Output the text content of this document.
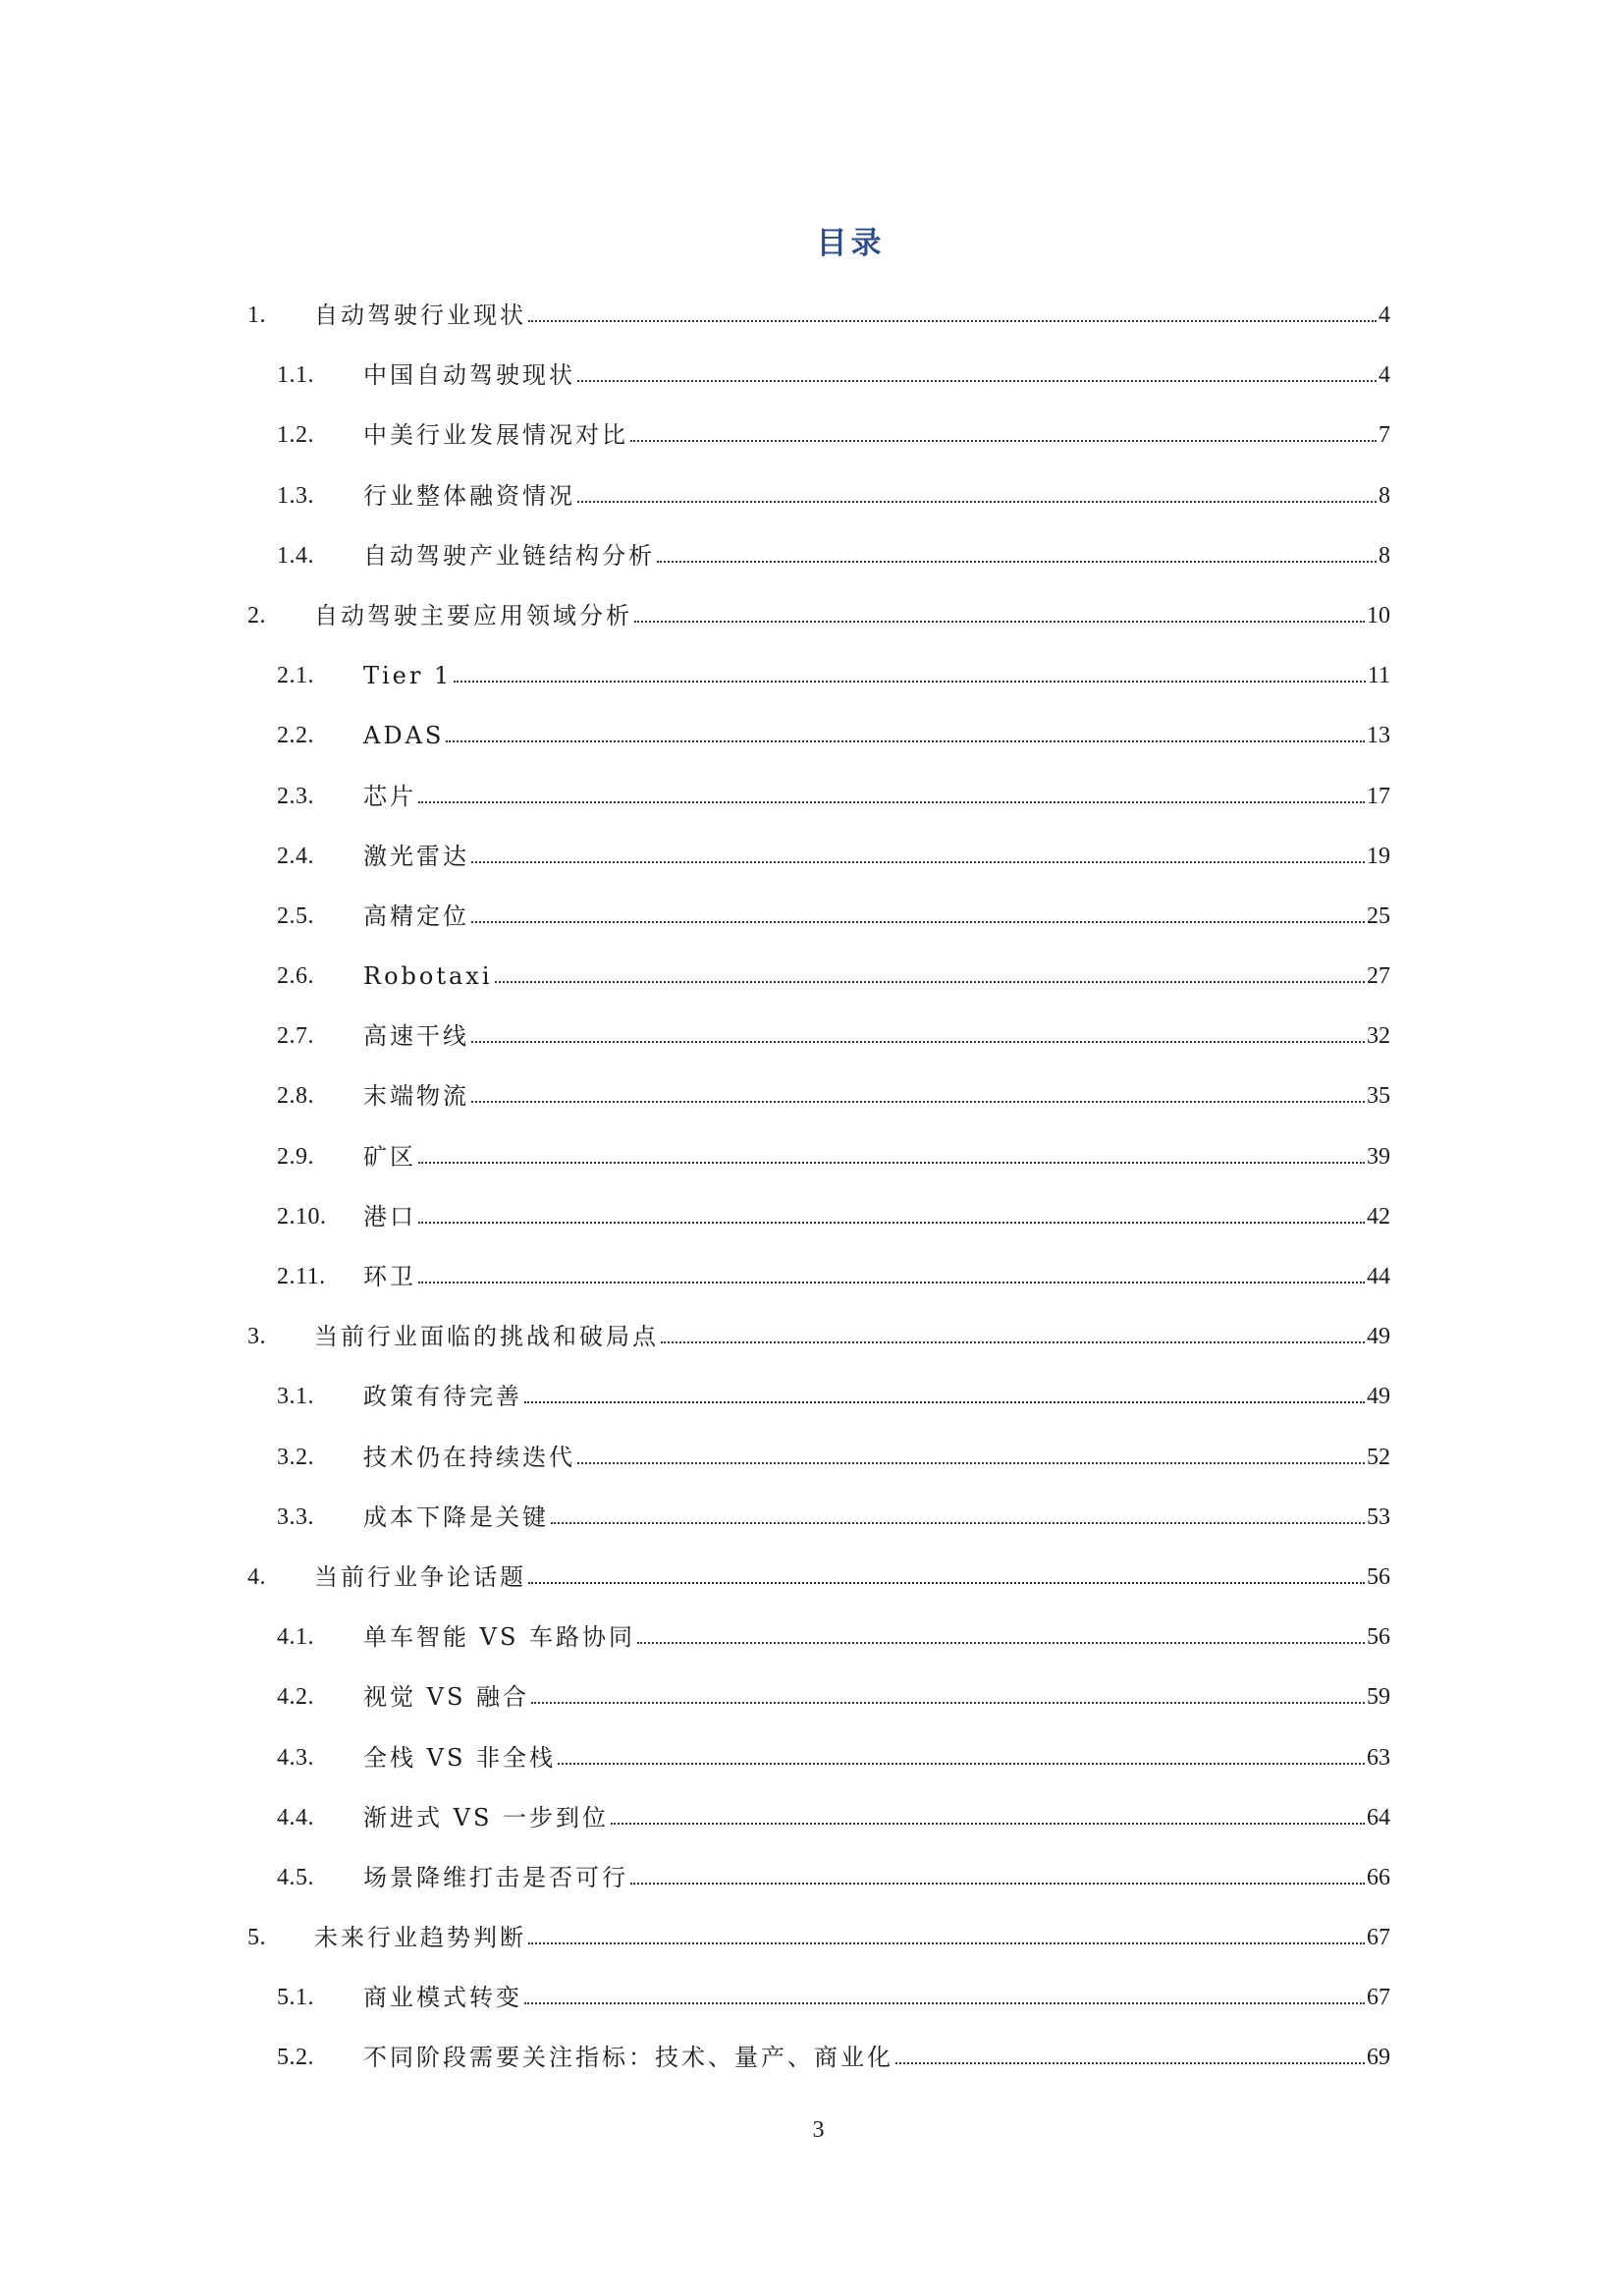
目录
1.	自动驾驶行业现状	4
1.1.	中国自动驾驶现状	4
1.2.	中美行业发展情况对比	7
1.3.	行业整体融资情况	8
1.4.	自动驾驶产业链结构分析	8
2.	自动驾驶主要应用领域分析	10
2.1.	Tier 1	11
2.2.	ADAS	13
2.3.	芯片	17
2.4.	激光雷达	19
2.5.	高精定位	25
2.6.	Robotaxi	27
2.7.	高速干线	32
2.8.	末端物流	35
2.9.	矿区	39
2.10.	港口	42
2.11.	环卫	44
3.	当前行业面临的挑战和破局点	49
3.1.	政策有待完善	49
3.2.	技术仍在持续迭代	52
3.3.	成本下降是关键	53
4.	当前行业争论话题	56
4.1.	单车智能 VS 车路协同	56
4.2.	视觉 VS 融合	59
4.3.	全栈 VS 非全栈	63
4.4.	渐进式 VS 一步到位	64
4.5.	场景降维打击是否可行	66
5.	未来行业趋势判断	67
5.1.	商业模式转变	67
5.2.	不同阶段需要关注指标：技术、量产、商业化	69
3
